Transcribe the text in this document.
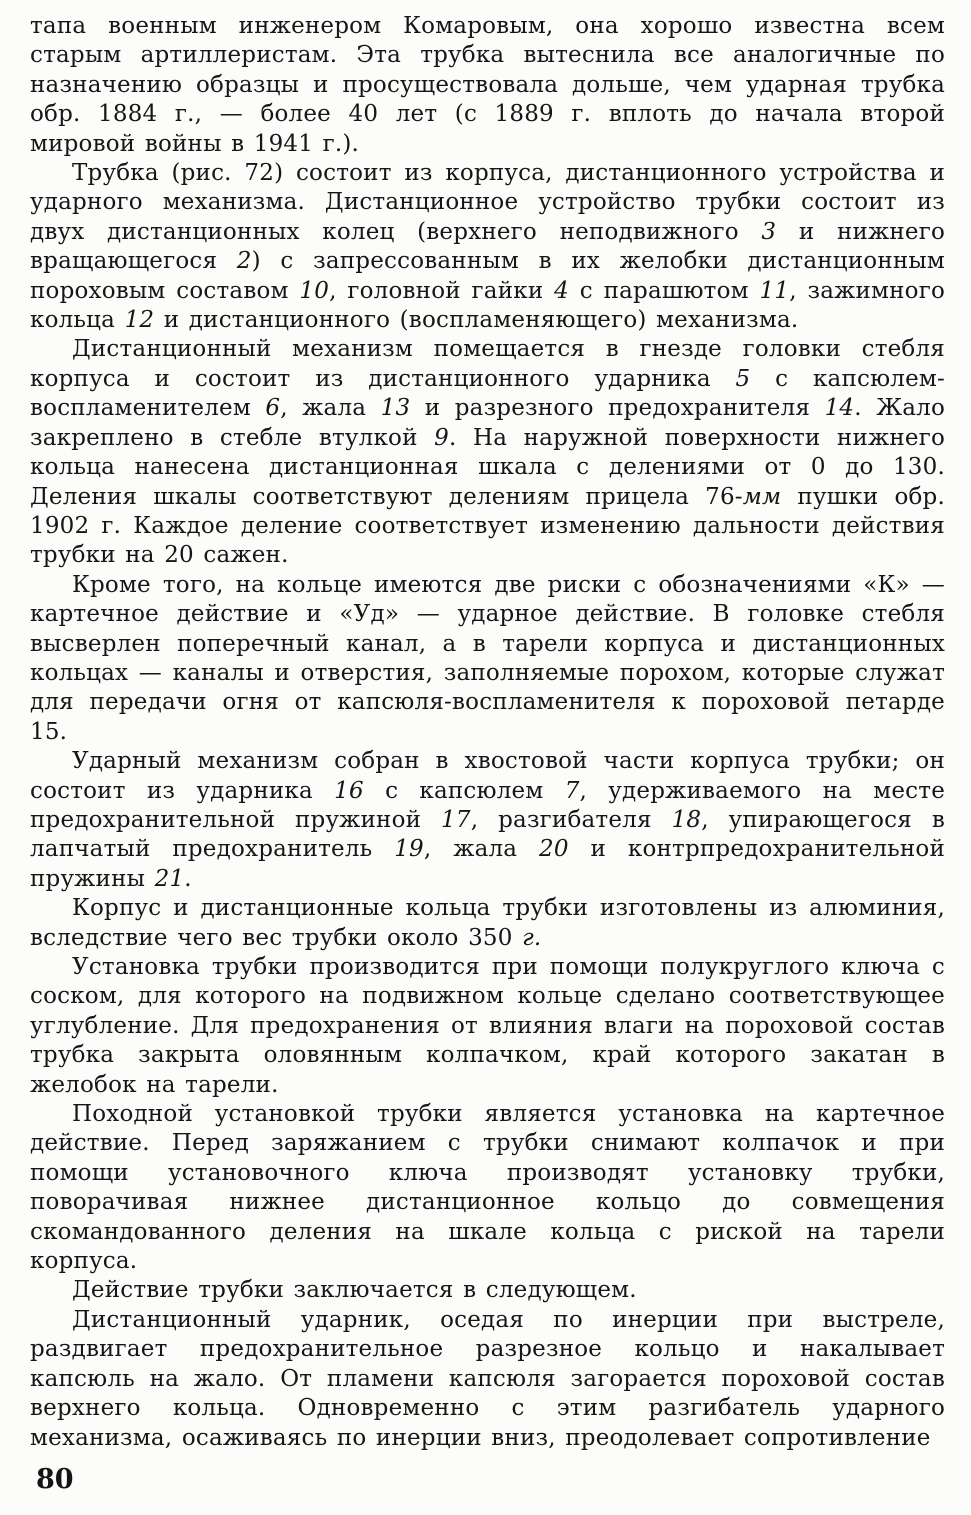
тапа военным инженером Комаровым, она хорошо известна всем старым артиллеристам. Эта трубка вытеснила все аналогичные по назначению образцы и просуществовала дольше, чем ударная трубка обр. 1884 г., — более 40 лет (с 1889 г. вплоть до начала второй мировой войны в 1941 г.).

Трубка (рис. 72) состоит из корпуса, дистанционного устройства и ударного механизма. Дистанционное устройство трубки состоит из двух дистанционных колец (верхнего неподвижного 3 и нижнего вращающегося 2) с запрессованным в их желобки дистанционным пороховым составом 10, головной гайки 4 с парашютом 11, зажимного кольца 12 и дистанционного (воспламеняющего) механизма.

Дистанционный механизм помещается в гнезде головки стебля корпуса и состоит из дистанционного ударника 5 с капсюлем-воспламенителем 6, жала 13 и разрезного предохранителя 14. Жало закреплено в стебле втулкой 9. На наружной поверхности нижнего кольца нанесена дистанционная шкала с делениями от 0 до 130. Деления шкалы соответствуют делениям прицела 76-мм пушки обр. 1902 г. Каждое деление соответствует изменению дальности действия трубки на 20 сажен.

Кроме того, на кольце имеются две риски с обозначениями «К» — картечное действие и «Уд» — ударное действие. В головке стебля высверлен поперечный канал, а в тарели корпуса и дистанционных кольцах — каналы и отверстия, заполняемые порохом, которые служат для передачи огня от капсюля-воспламенителя к пороховой петарде 15.

Ударный механизм собран в хвостовой части корпуса трубки; он состоит из ударника 16 с капсюлем 7, удерживаемого на месте предохранительной пружиной 17, разгибателя 18, упирающегося в лапчатый предохранитель 19, жала 20 и контрпредохранительной пружины 21.

Корпус и дистанционные кольца трубки изготовлены из алюминия, вследствие чего вес трубки около 350 г.

Установка трубки производится при помощи полукруглого ключа с соском, для которого на подвижном кольце сделано соответствующее углубление. Для предохранения от влияния влаги на пороховой состав трубка закрыта оловянным колпачком, край которого закатан в желобок на тарели.

Походной установкой трубки является установка на картечное действие. Перед заряжанием с трубки снимают колпачок и при помощи установочного ключа производят установку трубки, поворачивая нижнее дистанционное кольцо до совмещения скомандованного деления на шкале кольца с риской на тарели корпуса.

Действие трубки заключается в следующем.

Дистанционный ударник, оседая по инерции при выстреле, раздвигает предохранительное разрезное кольцо и накалывает капсюль на жало. От пламени капсюля загорается пороховой состав верхнего кольца. Одновременно с этим разгибатель ударного механизма, осаживаясь по инерции вниз, преодолевает сопротивление

80
